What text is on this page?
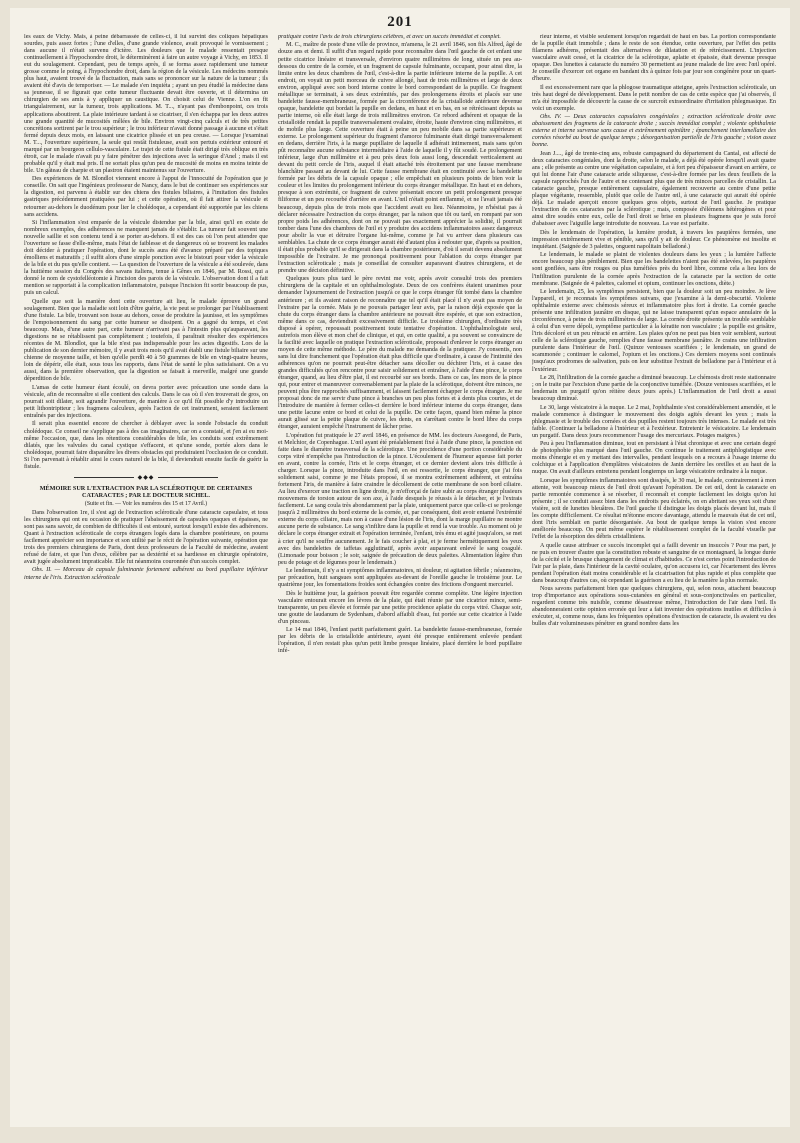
201

les eaux de Vichy. Mais, à peine débarrassée de celles-ci, il lui survint des coliques hépatiques sourdes, puis assez fortes ; l'une d'elles, d'une grande violence, avait provoqué le vomissement ; dans aucune il n'était survenu d'ictère. Les douleurs que le malade ressentait presque continuellement à l'hypochondre droit, le déterminèrent à faire un autre voyage à Vichy, en 1853. Il eut du soulagement. Cependant, peu de temps après, il se forma assez rapidement une tumeur grosse comme le poing, à l'hypochondre droit, dans la région de la vésicule. Les médecins nommés plus haut, avaient trouvé de la fluctuation, mais sans se prononcer sur la nature de la tumeur ; ils avaient été d'avis de temporiser. — Le malade s'en inquiéta ; ayant un peu étudié la médecine dans sa jeunesse, il se figurait que cette tumeur fluctuante devait être ouverte, et il détermina un chirurgien de ses amis à y appliquer un caustique. On choisit celui de Vienne. L'on en fit triangulairement, sur la tumeur, trois applications. M. T..., n'ayant pas d'embonpoint, ces trois applications aboutirent. La plaie intérieure tardant à se cicatriser, il s'en échappa par les deux autres une grande quantité de mucosités mêlées de bile. Environ vingt-cinq calculs et de très petites concrétions sortirent par le trou supérieur ; le trou inférieur n'avait donné passage à aucune et s'était fermé depuis deux mois, en laissant une cicatrice plissée et un peu creuse. — Lorsque j'examinai M. T..., l'ouverture supérieure, la seule qui restât fistuleuse, avait son pertuis extérieur entouré et marqué par un bourgeon cellulo-vasculaire. Le trajet de cette fistule était dirigé très oblique en très étroit, car le malade n'avait pu y faire pénétrer des injections avec la seringue d'Anel ; mais il est probable qu'il y était mal pris. Il ne sortait plus qu'un peu de mucosité de moins en moins teinte de bile. Un gâteau de charpie et un plastron étaient maintenus sur l'ouverture.

Des expériences de M. Blondlot viennent encore à l'appui de l'innocuité de l'opération que je conseille. On sait que l'ingénieux professeur de Nancy, dans le but de continuer ses expériences sur la digestion, est parvenu à établir sur des chiens des fistules biliaires, à l'imitation des fistules gastriques précédemment pratiquées par lui ; et cette opération, où il fait attirer la vésicule et retourner au-dehors le duodénum pour lier le cholédoque, a cependant été supportée par les chiens sans accidens.

Si l'inflammation s'est emparée de la vésicule distendue par la bile, ainsi qu'il en existe de nombreux exemples, des adhérences ne manquent jamais de s'établir. La tumeur fait souvent une nouvelle saillie et son contenu tend à se porter au-dehors. Il est des cas où l'on peut attendre que l'ouverture se fasse d'elle-même, mais l'état de faiblesse et de dangereux où se trouvent les malades doit décider à pratiquer l'opération, dont le succès aura été d'avance préparé par des topiques émolliens et maturatifs ; il suffit alors d'une simple ponction avec le bistouri pour vider la vésicule de la bile et du pus qu'elle contient. — La question de l'ouverture de la vésicule a été soulevée, dans la huitième session du Congrès des savans italiens, tenue à Gênes en 1846, par M. Rossi, qui a donné le nom de cystofelléotomie à l'incision des parois de la vésicule. L'observation dont il a fait mention se rapportait à la complication inflammatoire, puisque l'incision fit sortir beaucoup de pus, puis un calcul.

Quelle que soit la manière dont cette ouverture ait lieu, le malade éprouve un grand soulagement. Bien que la maladie soit loin d'être guérie, la vie peut se prolonger par l'établissement d'une fistule. La bile, trouvant son issue au dehors, cesse de produire la jaunisse, et les symptômes de l'empoisonnement du sang par cette humeur se dissipent. On a gagné du temps, et c'est beaucoup. Mais, d'une autre part, cette humeur n'arrivant pas à l'intestin plus qu'auparavant, les digestions ne se rétablissent pas complètement ; toutefois, il paraîtrait résulter des expériences récentes de M. Blondlot, que la bile n'est pas indispensable pour les actes digestifs. Lors de la publication de son dernier mémoire, il y avait trois mois qu'il avait établi une fistule biliaire sur une chienne de moyenne taille, et bien qu'elle perdît 40 à 50 grammes de bile en vingt-quatre heures, loin de dépérir, elle était, sous tous les rapports, dans l'état de santé le plus satisfaisant. On a vu aussi, dans la première observation, que la digestion se faisait à merveille, malgré une grande déperdition de bile.

L'amas de cette humeur étant écoulé, on devra porter avec précaution une sonde dans la vésicule, afin de reconnaître si elle contient des calculs. Dans le cas où il s'en trouverait de gros, on pourrait soit dilater, soit agrandir l'ouverture, de manière à ce qu'il fût possible d'y introduire un petit lithontriptteur ; les fragmens calculeux, après l'action de cet instrument, seraient facilement entraînés par des injections.

Il serait plus essentiel encore de chercher à déblayer avec la sonde l'obstacle du conduit cholédoque. Ce conseil ne s'applique pas à des cas imaginaires, car on a constaté, et j'en ai eu moi-même l'occasion, que, dans les rétentions considérables de bile, les conduits sont extrêmement dilatés, que les valvules du canal cystique s'effacent, et qu'une sonde, portée alors dans le cholédoque, pourrait faire disparaître les divers obstacles qui produiraient l'occlusion de ce conduit. Si l'on parvenait à rétablir ainsi le cours naturel de la bile, il deviendrait ensuite facile de guérir la fistule.

◆◆◆
MÉMOIRE SUR L'EXTRACTION PAR LA SCLÉROTIQUE DE CERTAINES CATARACTES ; PAR LE DOCTEUR SICHEL.
(Suite et fin. — Voir les numéros des 15 et 17 Avril.)

Dans l'observation 1re, il s'est agi de l'extraction scléroticale d'une cataracte capsulaire, et tous les chirurgiens qui ont eu occasion de pratiquer l'abaissement de capsules opaques et épaisses, ne sont pas sans savoir, de combien de difficultés il est entouré, surtout lorsqu'il existe des adhérences. Quant à l'extraction scléroticale de corps étrangers logés dans la chambre postérieure, on pourra facilement apprécier son importance et son utilité par le récit de l'opération suivante, opération que trois des premiers chirurgiens de Paris, dont deux professeurs de la Faculté de médecine, avaient refusé de faire, et que l'un d'eux, célèbre par sa dextérité et sa hardiesse en chirurgie opératoire, avait jugée absolument impraticable. Elle fut néanmoins couronnée d'un succès complet.

Obs. II. — Morceau de capsule fulminante fortement adhérent au bord pupillaire inférieur interne de l'iris. Extraction scléroticale

pratiquée contre l'avis de trois chirurgiens célèbres, et avec un succès immédiat et complet.

M. C., maître de poste d'une ville de province, m'amena, le 21 avril 1846, son fils Alfred, âgé de douze ans et demi. Il suffit d'un regard rapide pour reconnaître dans l'œil gauche de cet enfant une petite cicatrice linéaire et transversale, d'environ quatre millimètres de long, située un peu au-dessous du centre de la cornée, et un fragment de capsule fulminante, occupant, pour ainsi dire, la limite entre les deux chambres de l'œil, c'est-à-dire la partie inférieure interne de la pupille. A cet endroit, on voyait un petit morceau de cuivre allongé, haut de trois millimètres et large de deux environ, appliqué avec son bord interne contre le bord correspondant de la pupille. Ce fragment métallique se terminait, à ses deux extrémités, par des prolongemens étroits et placés sur une bandelette fausse-membraneuse, formée par la circonférence de la cristalloïde antérieure devenue opaque, bandelette qui bordait la pupille en dedans, en haut et en bas, en se rétrécissant depuis sa partie interne, où elle était large de trois millimètres environ. Ce rebord adhérent et opaque de la cristalloïde rendait la pupille transversalement ovalaire, étroite, haute d'environ cinq millimètres, et de mobile plus large. Cette ouverture était à peine un peu mobile dans sa partie supérieure et externe. Le prolongement supérieur du fragment d'amorce fulminante était dirigé transversalement en dedans, derrière l'iris, à la marge pupillaire de laquelle il adhérait intimement, mais sans qu'on pût reconnaître aucune substance intermédiaire à l'aide de laquelle il y fût soudé. Le prolongement inférieur, large d'un millimètre et à peu près deux fois aussi long, descendait verticalement au devant du petit cercle de l'iris, auquel il était attaché très étroitement par une fausse membrane blanchâtre passant au devant de lui. Cette fausse membrane était en continuité avec la bandelette formée par les débris de la capsule opaque ; elle empêchait en plusieurs points de bien voir la couleur et les limites du prolongement inférieur du corps étranger métallique. En haut et en dehors, presque à son extrémité, ce fragment de cuivre présentait encore un petit prolongement presque filiforme et un peu recourbé d'arrière en avant. L'œil n'était point enflammé, et ne l'avait jamais été beaucoup, depuis plus de trois mois que l'accident avait eu lieu. Néanmoins, je n'hésitai pas à déclarer nécessaire l'extraction du corps étranger, par la raison que tôt ou tard, en rompant par son propre poids les adhérences, dont on ne pouvait pas exactement apprécier la solidité, il pourrait tomber dans l'une des chambres de l'œil et y produire des accidens inflammatoires assez dangereux pour abolir la vue et détruire l'organe lui-même, comme je l'ai vu arriver dans plusieurs cas semblables. La chute de ce corps étranger aurait été d'autant plus à redouter que, d'après sa position, il était plus probable qu'il se dirigerait dans la chambre postérieure, d'où il serait devenu absolument impossible de l'extraire. Je me prononçai positivement pour l'ablation du corps étranger par l'extraction scléroticale ; mais je conseillai de consulter auparavant d'autres chirurgiens, et de prendre une décision définitive.

Quelques jours plus tard le père revint me voir, après avoir consulté trois des premiers chirurgiens de la capitale et un ophthalmologiste. Deux de ces confrères étaient unanimes pour demander l'ajournement de l'extraction jusqu'à ce que le corps étranger fût tombé dans la chambre antérieure ; et ils avaient raison de reconnaître que tel qu'il était placé il n'y avait pas moyen de l'extraire par la cornée. Mais je ne pouvais partager leur avis, par la raison déjà exposée que la chute du corps étranger dans la chambre antérieure ne pouvait être espérée, et que son extraction, même dans ce cas, deviendrait excessivement difficile. Le troisième chirurgien, d'ordinaire très disposé à opérer, repoussait positivement toute tentative d'opération. L'ophthalmologiste seul, autrefois mon élève et mon chef de clinique, et qui, en cette qualité, a pu souvent se convaincre de la facilité avec laquelle on pratique l'extraction scléroticale, proposait d'enlever le corps étranger au moyen de cette même méthode. Le père du malade me demanda de la pratiquer. J'y consentis, non sans lui dire franchement que l'opération était plus difficile que d'ordinaire, à cause de l'intimité des adhérences qu'on ne pourrait peut-être détacher sans décoller ou déchirer l'iris, et à cause des grandes difficultés qu'on rencontre pour saisir solidement et entraîner, à l'aide d'une pince, le corps étranger, quand, au lieu d'être plat, il est recourbé sur ses bords. Dans ce cas, les mors de la pince qui, pour entrer et manœuvrer convenablement par la plaie de la sclérotique, doivent être minces, ne peuvent plus être rapprochés suffisamment, et laissent facilement échapper le corps étranger. Je me proposai donc de me servir d'une pince à branches un peu plus fortes et à dents plus courtes, et de l'introduire de manière à fermer celles-ci derrière le bord inférieur interne du corps étranger, dans une petite lacune entre ce bord et celui de la pupille. De cette façon, quand bien même la pince aurait glissé sur la petite plaque de cuivre, les dents, en s'arrêtant contre le bord libre du corps étranger, auraient empêché l'instrument de lâcher prise.

L'opération fut pratiquée le 27 avril 1846, en présence de MM. les docteurs Assegond, de Paris, et Melchior, de Copenhague. L'œil ayant été préalablement fixé à l'aide d'une pince, la ponction est faite dans le diamètre transversal de la sclérotique. Une procidence d'une portion considérable du corps vitré n'empêche pas l'introduction de la pince. L'écoulement de l'humeur aqueuse fait porter en avant, contre la cornée, l'iris et le corps étranger, et ce dernier devient alors très difficile à charger. Lorsque la pince, introduite dans l'œil, en est ressortie, le corps étranger, que j'ai fois solidement saisi, comme je me l'étais proposé, il se montra extrêmement adhérent, et entraîna fortement l'iris, de manière à faire craindre le décollement de cette membrane de son bord ciliaire. Au lieu d'exercer une traction en ligne droite, je m'efforçai de faire subir au corps étranger plusieurs mouvemens de torsion autour de son axe, à l'aide desquels je réussis à le détacher, et je l'extrais facilement. Le sang coula très abondamment par la plaie, uniquement parce que celle-ci se prolonge jusqu'à 2 millimètres du bord externe de la cornée, et, par conséquent, doit avoir entamé l'extrémité externe du corps ciliaire, mais non à cause d'une lésion de l'iris, dont la marge pupillaire ne montre aucune perte de substance. Le sang s'infiltre dans la pupille et rend la vue trouble. Au moment où je déclare le corps étranger extrait et l'opération terminée, l'enfant, très ému et agité jusqu'alors, se met à crier qu'il ne souffre aucunement. Je le fais coucher à plat, et je ferme hermétiquement les yeux avec des bandelettes de taffetas agglutinatif, après avoir auparavant enlevé le sang coagulé. (Limonade pour boisson ; le soir, saignée de précaution de deux palettes. Alimentation légère d'un peu de potage et de légumes pour le lendemain.)

Le lendemain, il n'y a ni symptômes inflammatoires, ni douleur, ni agitation fébrile ; néanmoins, par précaution, huit sangsues sont appliquées au-devant de l'oreille gauche le troisième jour. Le quatrième jour, les fomentations froides sont échangées contre des frictions d'onguent mercuriel.

Dès le huitième jour, la guérison pouvait être regardée comme complète. Une légère injection vasculaire entourait encore les lèvres de la plaie, qui était réunie par une cicatrice mince, semi-transparente, un peu élevée et formée par une petite procidence aplatie du corps vitré. Chaque soir, une goutte de laudanum de Sydenham, d'abord affaibli d'eau, fut portée sur cette cicatrice à l'aide d'un pinceau.

Le 14 mai 1846, l'enfant partit parfaitement guéri. La bandelette fausse-membraneuse, formée par les débris de la cristalloïde antérieure, ayant été presque entièrement enlevée pendant l'opération, il n'en restait plus qu'un petit limbe presque linéaire, placé derrière le bord pupillaire infé-

rieur interne, et visible seulement lorsqu'on regardait de haut en bas. La portion correspondante de la pupille était immobile ; dans le reste de son étendue, cette ouverture, par l'effet des petits filamens adhérens, présentait des alternatives de dilatation et de rétrécissement. L'injection vasculaire avait cessé, et la cicatrice de la sclérotique, aplatie et épaissie, était devenue presque opaque. Des lunettes à cataracte du numéro 30 permettent au jeune malade de lire avec l'œil opéré. Je conseille d'exercer cet organe en bandant dix à quinze fois par jour son congénère pour un quart-d'heure.

Il est excessivement rare que la phlogose traumatique atteigne, après l'extraction scléroticale, un très haut degré de développement. Dans le petit nombre de cas de cette espèce que j'ai observés, il m'a été impossible de découvrir la cause de ce surcroît extraordinaire d'irritation phlegmasique. En voici un exemple.

Obs. IV. — Deux cataractes capsulaires congéniales ; extraction scléroticale droite avec abaissement des fragmens de la cataracte droite ; succès immédiat complet ; violente ophthalmie externe et interne survenue sans cause et extrêmement opiniâtre ; épanchement interlamellaire des cornées résorbé au bout de quelque temps ; désorganisation partielle de l'iris gauche ; vision assez bonne.

Jean J...., âgé de trente-cinq ans, robuste campagnard du département du Cantal, est affecté de deux cataractes congéniales, dont la droite, selon le malade, a déjà été opérée lorsqu'il avait quatre ans ; elle présente au centre une végétation capsulaire, et à fort peu d'épaisseur d'avant en arrière, ce qui lui donne l'air d'une cataracte aride siliqueuse, c'est-à-dire formée par les deux feuillets de la capsule rapprochés l'un de l'autre et ne contenant plus que de très minces parcelles de cristallin. La cataracte gauche, presque entièrement capsulaire, également recouverte au centre d'une petite plaque végétante, ressemble, plutôt que celle de l'autre œil, à une cataracte qui aurait été opérée déjà. Le malade aperçoit encore quelques gros objets, surtout de l'œil gauche. Je pratique l'extraction de ces cataractes par la sclérotique ; mais, composée d'élémens hétérogènes et pour ainsi dire soudés entre eux, celle de l'œil droit se brise en plusieurs fragmens que je suis forcé d'abaisser avec l'aiguille large introduite de nouveau. La vue est parfaite.

Dès le lendemain de l'opération, la lumière produit, à travers les paupières fermées, une impression extrêmement vive et pénible, sans qu'il y ait de douleur. Ce phénomène est insolite et inquiétant. (Saignée de 3 palettes, onguent napolitain belladoné.)

Le lendemain, le malade se plaint de violentes douleurs dans les yeux ; la lumière l'affecte encore beaucoup plus péniblement. Bien que les bandelettes n'aient pas été enlevées, les paupières sont gonflées, sans être rouges ou plus tuméfiées près du bord libre, comme cela a lieu lors de l'infiltration purulente de la cornée après l'extraction de la cataracte par la section de cette membrane. (Saignée de 4 palettes, calomel et opium, continuer les onctions, diète.)

Le lendemain, 25, les symptômes persistent, bien que la douleur soit un peu moindre. Je lève l'appareil, et je reconnais les symptômes suivans, que j'examine à la demi-obscurité. Violente ophthalmie externe avec chémosis séreux et inflammatoire plus fort à droite. La cornée gauche présente une infiltration jaunâtre en disque, qui ne laisse transparent qu'un espace annulaire de la circonférence, à peine de trois millimètres de large. La cornée droite présente un trouble semblable à celui d'un verre dépoli, symptôme particulier à la kératite non vasculaire ; la pupille est grisâtre, l'iris décoloré et un peu rétracté en arrière. Les plaies qu'on ne peut pas bien voir semblent, surtout celle de la sclérotique gauche, remplies d'une fausse membrane jaunâtre. Je crains une infiltration purulente dans l'intérieur de l'œil. (Quinze ventouses scarifiées ; le lendemain, un grand de scammonée ; continuer le calomel, l'opium et les onctions.) Ces derniers moyens sont continués jusqu'aux prodromes de salivation, puis on leur substitue l'extrait de belladone par à l'intérieur et à l'extérieur.

Le 28, l'infiltration de la cornée gauche a diminué beaucoup. Le chémosis droit reste stationnaire ; on le traite par l'excision d'une partie de la conjonctive tuméfiée. (Douze ventouses scarifiées, et le lendemain un purgatif qu'on réitère deux jours après.) L'inflammation de l'œil droit a aussi beaucoup diminué.

Le 30, large vésicatoire à la nuque. Le 2 mai, l'ophthalmie s'est considérablement amendée, et le malade commence à distinguer le mouvement des doigts agités devant les yeux ; mais la phlegmasie et le trouble des cornées et des pupilles restent toujours très intenses. Le malade est très faible. (Continuer la belladone à l'intérieur et à l'extérieur. Entretenir le vésicatoire. Le lendemain un purgatif. Dans deux jours recommencer l'usage des mercuriaux. Potages maigres.)

Peu à peu l'inflammation diminue, tout en persistant à l'état chronique et avec une certain degré de photophobie plus marqué dans l'œil gauche. On continue le traitement antiphlogistique avec moins d'énergie et en y mettant des intervalles, pendant lesquels on a recours à l'usage interne du colchique et à l'application d'emplâtres vésicatoires de Janin derrière les oreilles et au haut de la nuque. On avait d'ailleurs entretenu pendant longtemps un large vésicatoire ordinaire à la nuque.

Lorsque les symptômes inflammatoires sont dissipés, le 30 mai, le malade, contrairement à mon attente, voit beaucoup mieux de l'œil droit qu'avant l'opération. De cet œil, dont la cataracte en partie remontée commence à se résorber, il reconnaît et compte facilement les doigts qu'on lui présente ; il se conduit assez bien dans les endroits peu éclairés, on en abritant ses yeux soit d'une visière, soit de lunettes bleuâtres. De l'œil gauche il distingue les doigts placés devant lui, mais il les compte difficilement. Ce résultat m'étonne encore davantage, attendu le mauvais état de cet œil, dont l'iris semblait en partie désorganisée. Au bout de quelque temps la vision s'est encore améliorée beaucoup. On peut même espérer le rétablissement complet de la faculté visuelle par l'effet de la résorption des débris cristalliniens.

A quelle cause attribuer ce succès incomplet qui a failli devenir un insuccès ? Pour ma part, je ne puis en trouver d'autre que la constitution robuste et sanguine de ce montagnard, la longue durée de la cécité et le brusque changement de climat et d'habitudes. Ce n'est certes point l'introduction de l'air par la plaie, dans l'intérieur de la cavité oculaire, qu'on accusera ici, car l'écartement des lèvres pendant l'opération était moins considérable et la cicatrisation fut plus rapide et plus complète que dans beaucoup d'autres cas, où cependant la guérison a eu lieu de la manière la plus normale.

Nous savons parfaitement bien que quelques chirurgiens, qui, selon nous, attachent beaucoup trop d'importance aux opérations sous-cutanées en général et sous-conjonctivales en particulier, regardent comme très nuisible, comme désastreuse même, l'introduction de l'air dans l'œil. Ils abandonneraient cette opinion erronée qui leur a fait inventer des opérations inutiles et difficiles à exécuter, si, comme nous, dans les fréquentes opérations d'extraction de cataracte, ils avaient vu des bulles d'air volumineuses pénétrer en grand nombre dans les
